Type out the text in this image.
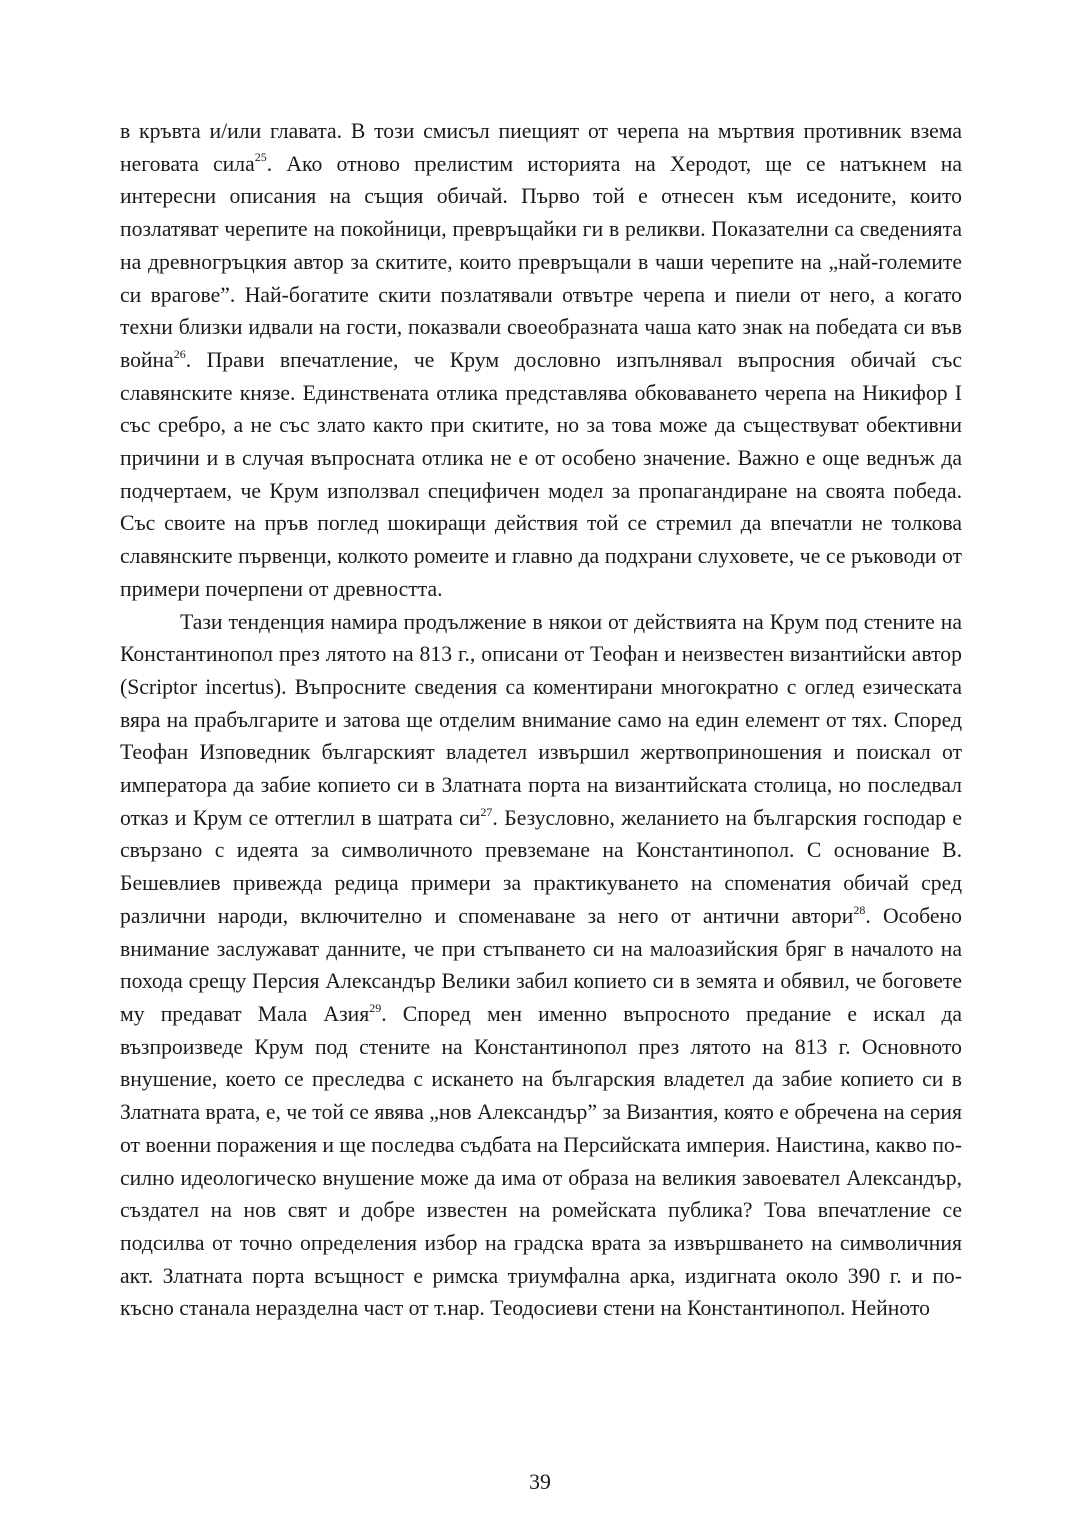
в кръвта и/или главата. В този смисъл пиещият от черепа на мъртвия противник взема неговата сила$^{25}$. Ако отново прелистим историята на Херодот, ще се натъкнем на интересни описания на същия обичай. Първо той е отнесен към иседоните, които позлатяват черепите на покойници, превръщайки ги в реликви. Показателни са сведенията на древногръцкия автор за скитите, които превръщали в чаши черепите на „най-големите си врагове”. Най-богатите скити позлатявали отвътре черепа и пиели от него, а когато техни близки идвали на гости, показвали своеобразната чаша като знак на победата си във война$^{26}$. Прави впечатление, че Крум дословно изпълнявал въпросния обичай със славянските князе. Единствената отлика представлява обковаването черепа на Никифор I със сребро, а не със злато както при скитите, но за това може да съществуват обективни причини и в случая въпросната отлика не е от особено значение. Важно е още веднъж да подчертаем, че Крум използвал специфичен модел за пропагандиране на своята победа. Със своите на пръв поглед шокиращи действия той се стремил да впечатли не толкова славянските първенци, колкото ромеите и главно да подхрани слуховете, че се ръководи от примери почерпени от древността.

Тази тенденция намира продължение в някои от действията на Крум под стените на Константинопол през лятото на 813 г., описани от Теофан и неизвестен византийски автор (Scriptor incertus). Въпросните сведения са коментирани многократно с оглед езическата вяра на прабългарите и затова ще отделим внимание само на един елемент от тях. Според Теофан Изповедник българският владетел извършил жертвоприношения и поискал от императора да забие копието си в Златната порта на византийската столица, но последвал отказ и Крум се оттеглил в шатрата $си^{27}$. Безусловно, желанието на българския господар е свързано с идеята за символичното превземане на Константинопол. С основание В. Бешевлиев привежда редица примери за практикуването на споменатия обичай сред различни народи, включително и споменаване за него от антични автори$^{28}$. Особено внимание заслужават данните, че при стъпването си на малоазийския бряг в началото на похода срещу Персия Александър Велики забил копието си в земята и обявил, че боговете му предават Мала Азия$^{29}$. Според мен именно въпросното предание е искал да възпроизведе Крум под стените на Константинопол през лятото на 813 г. Основното внушение, което се преследва с искането на българския владетел да забие копието си в Златната врата, е, че той се явява „нов Александър” за Византия, която е обречена на серия от военни поражения и ще последва съдбата на Персийската империя. Наистина, какво по-силно идеологическо внушение може да има от образа на великия завоевател Александър, създател на нов свят и добре известен на ромейската публика? Това впечатление се подсилва от точно определения избор на градска врата за извършването на символичния акт. Златната порта всъщност е римска триумфална арка, издигната около 390 г. и по-късно станала неразделна част от т.нар. Теодосиеви стени на Константинопол. Нейното

39
